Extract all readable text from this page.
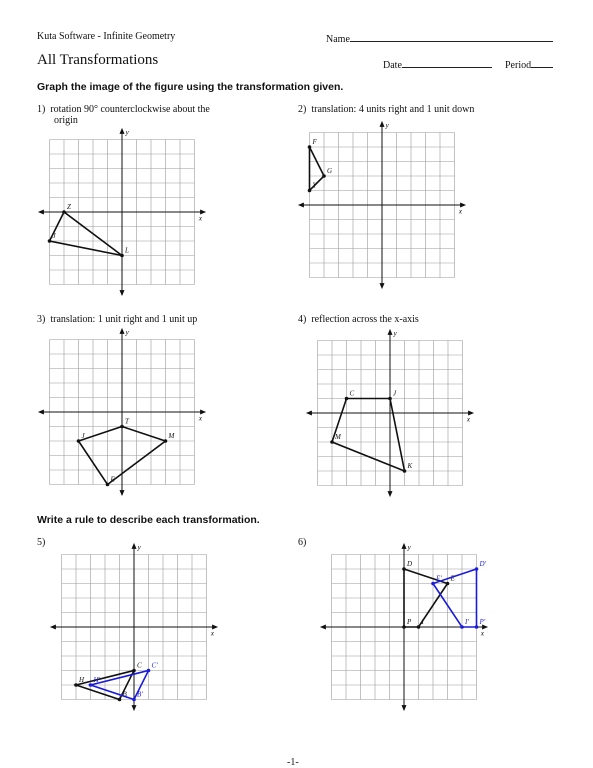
Kuta Software - Infinite Geometry	Name
All Transformations	Date	Period
Graph the image of the figure using the transformation given.
1) rotation 90° counterclockwise about the
origin
2) translation: 4 units right and 1 unit down
3) translation: 1 unit right and 1 unit up	4) reflection across the x-axis
Write a rule to describe each transformation.
5)	6)
x
y
Z
J
L
x
y
F
G
Y
x
y
T
M
E
J
x
y
C	J
K
M
x
y
H
C
B
H'
C'
B'
x
y
D
E
I
P
D'
E'
I' P'
-1-
